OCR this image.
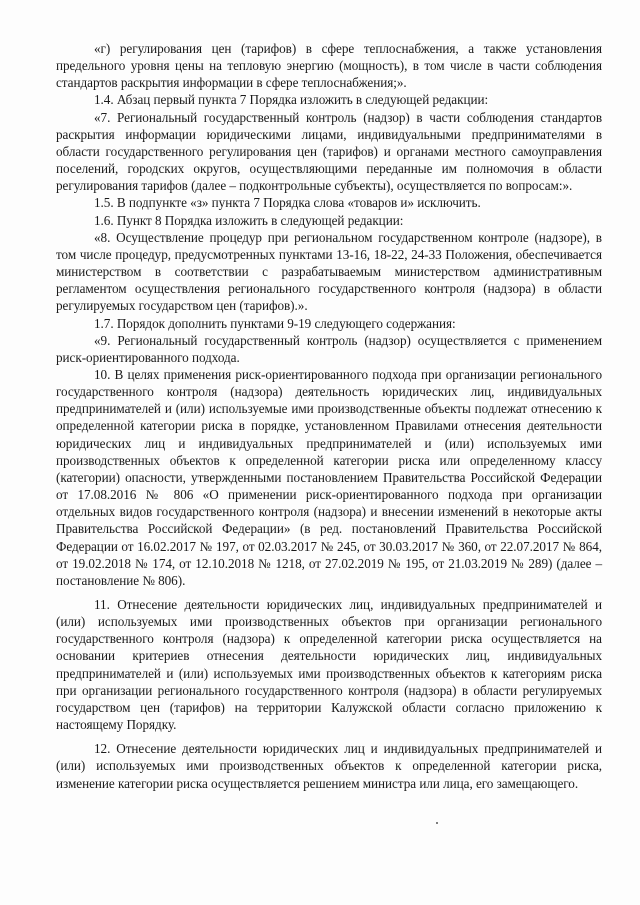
«г) регулирования цен (тарифов) в сфере теплоснабжения, а также установления предельного уровня цены на тепловую энергию (мощность), в том числе в части соблюдения стандартов раскрытия информации в сфере теплоснабжения;».

1.4. Абзац первый пункта 7 Порядка изложить в следующей редакции:

«7. Региональный государственный контроль (надзор) в части соблюдения стандартов раскрытия информации юридическими лицами, индивидуальными предпринимателями в области государственного регулирования цен (тарифов) и органами местного самоуправления поселений, городских округов, осуществляющими переданные им полномочия в области регулирования тарифов (далее – подконтрольные субъекты), осуществляется по вопросам:».

1.5. В подпункте «з» пункта 7 Порядка слова «товаров и» исключить.

1.6. Пункт 8 Порядка изложить в следующей редакции:

«8. Осуществление процедур при региональном государственном контроле (надзоре), в том числе процедур, предусмотренных пунктами 13-16, 18-22, 24-33 Положения, обеспечивается министерством в соответствии с разрабатываемым министерством административным регламентом осуществления регионального государственного контроля (надзора) в области регулируемых государством цен (тарифов).».

1.7. Порядок дополнить пунктами 9-19 следующего содержания:

«9. Региональный государственный контроль (надзор) осуществляется с применением риск-ориентированного подхода.

10. В целях применения риск-ориентированного подхода при организации регионального государственного контроля (надзора) деятельность юридических лиц, индивидуальных предпринимателей и (или) используемые ими производственные объекты подлежат отнесению к определенной категории риска в порядке, установленном Правилами отнесения деятельности юридических лиц и индивидуальных предпринимателей и (или) используемых ими производственных объектов к определенной категории риска или определенному классу (категории) опасности, утвержденными постановлением Правительства Российской Федерации от 17.08.2016 № 806 «О применении риск-ориентированного подхода при организации отдельных видов государственного контроля (надзора) и внесении изменений в некоторые акты Правительства Российской Федерации» (в ред. постановлений Правительства Российской Федерации от 16.02.2017 № 197, от 02.03.2017 № 245, от 30.03.2017 № 360, от 22.07.2017 № 864, от 19.02.2018 № 174, от 12.10.2018 № 1218, от 27.02.2019 № 195, от 21.03.2019 № 289) (далее – постановление № 806).

11. Отнесение деятельности юридических лиц, индивидуальных предпринимателей и (или) используемых ими производственных объектов при организации регионального государственного контроля (надзора) к определенной категории риска осуществляется на основании критериев отнесения деятельности юридических лиц, индивидуальных предпринимателей и (или) используемых ими производственных объектов к категориям риска при организации регионального государственного контроля (надзора) в области регулируемых государством цен (тарифов) на территории Калужской области согласно приложению к настоящему Порядку.

12. Отнесение деятельности юридических лиц и индивидуальных предпринимателей и (или) используемых ими производственных объектов к определенной категории риска, изменение категории риска осуществляется решением министра или лица, его замещающего.
